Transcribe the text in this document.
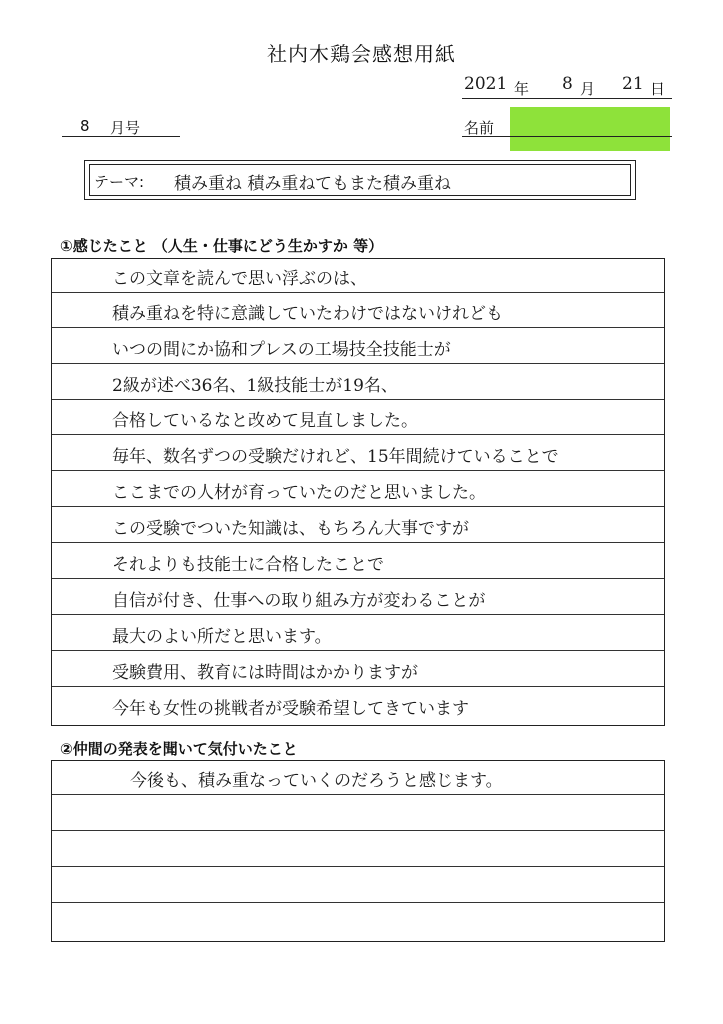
社内木鶏会感想用紙
2021 年 8 月 21 日
8 月号	名前
テーマ: 積み重ね 積み重ねてもまた積み重ね
①感じたこと （人生・仕事にどう生かすか 等）
この文章を読んで思い浮ぶのは、
積み重ねを特に意識していたわけではないけれども
いつの間にか協和プレスの工場技全技能士が
2級が述べ36名、1級技能士が19名、
合格しているなと改めて見直しました。
毎年、数名ずつの受験だけれど、15年間続けていることで
ここまでの人材が育っていたのだと思いました。
この受験でついた知識は、もちろん大事ですが
それよりも技能士に合格したことで
自信が付き、仕事への取り組み方が変わることが
最大のよい所だと思います。
受験費用、教育には時間はかかりますが
今年も女性の挑戦者が受験希望してきています
②仲間の発表を聞いて気付いたこと
今後も、積み重なっていくのだろうと感じます。
